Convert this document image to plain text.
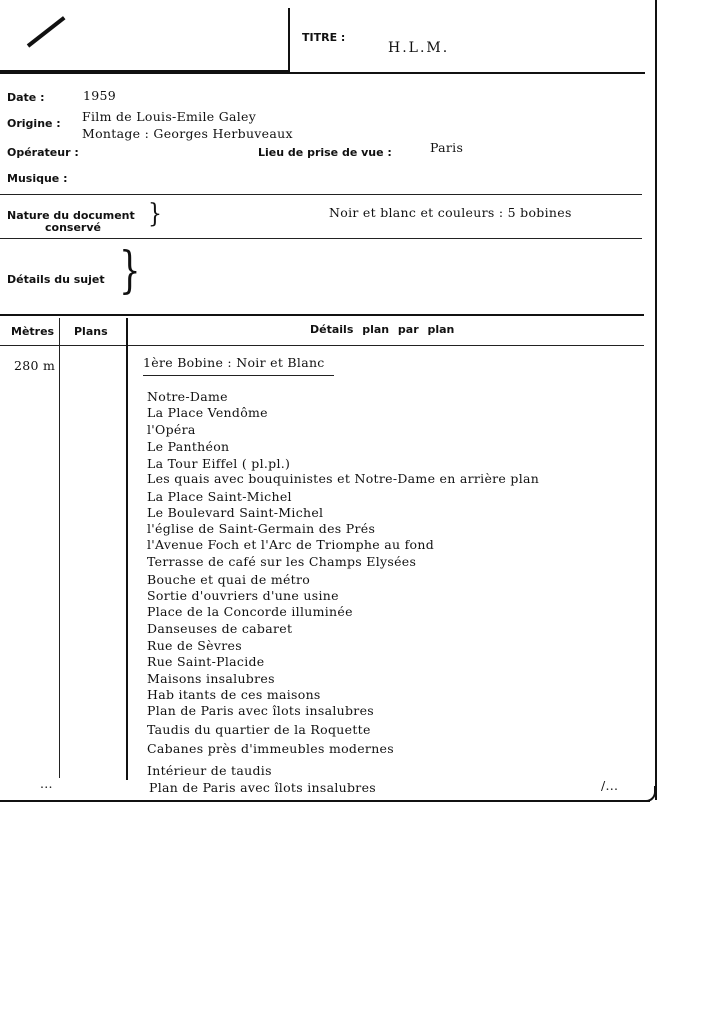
TITRE :
H.L.M.
Date :	1959
Origine : Film de Louis-Emile Galey
Montage : Georges Herbuveaux
Opérateur :	Lieu de prise de vue :	Paris
Musique :
Nature du document
conservé }	Noir et blanc et couleurs : 5 bobines
Détails du sujet }
Mètres Plans	Détails plan par plan
280 m	1ère Bobine : Noir et Blanc
Notre-Dame
La Place Vendôme
l'Opéra
Le Panthéon
La Tour Eiffel ( pl.pl.)
Les quais avec bouquinistes et Notre-Dame en arrière plan
La Place Saint-Michel
Le Boulevard Saint-Michel
l'église de Saint-Germain des Prés
l'Avenue Foch et l'Arc de Triomphe au fond
Terrasse de café sur les Champs Elysées
Bouche et quai de métro
Sortie d'ouvriers d'une usine
Place de la Concorde illuminée
Danseuses de cabaret
Rue de Sèvres
Rue Saint-Placide
Maisons insalubres
Hab itants de ces maisons
Plan de Paris avec îlots insalubres
Taudis du quartier de la Roquette
Cabanes près d'immeubles modernes
Intérieur de taudis
Plan de Paris avec îlots insalubres
...	/...
